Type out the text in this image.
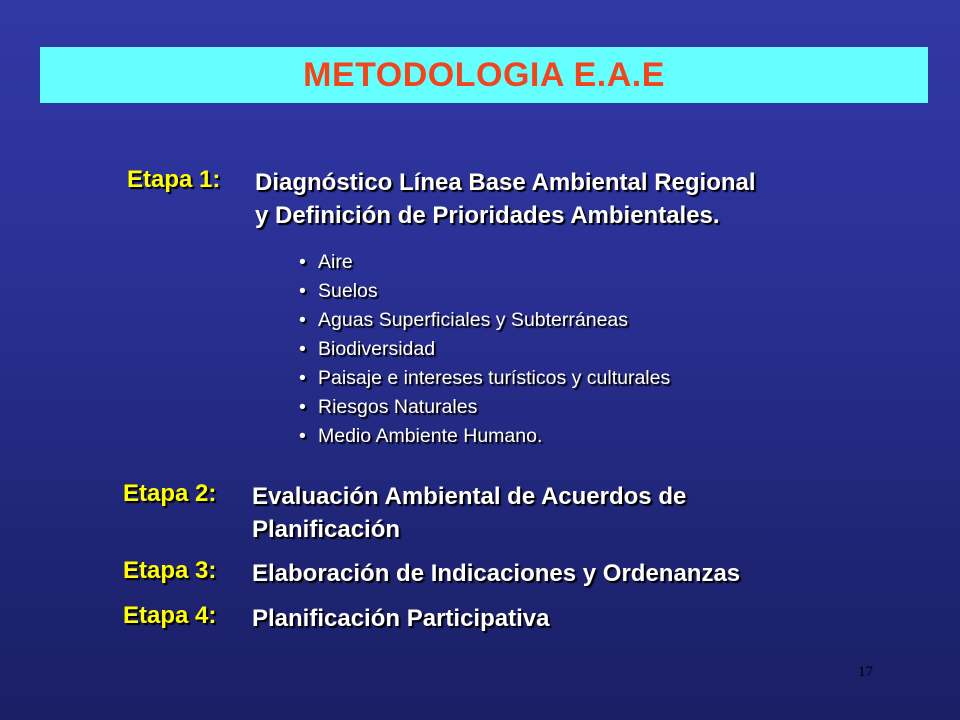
METODOLOGIA E.A.E
Etapa 1: Diagnóstico Línea Base Ambiental Regional
y Definición de Prioridades Ambientales.
• Aire
• Suelos
• Aguas Superficiales y Subterráneas
• Biodiversidad
• Paisaje e intereses turísticos y culturales
• Riesgos Naturales
• Medio Ambiente Humano.
Etapa 2: Evaluación Ambiental de Acuerdos de
Planificación
Etapa 3: Elaboración de Indicaciones y Ordenanzas
Etapa 4: Planificación Participativa
17
